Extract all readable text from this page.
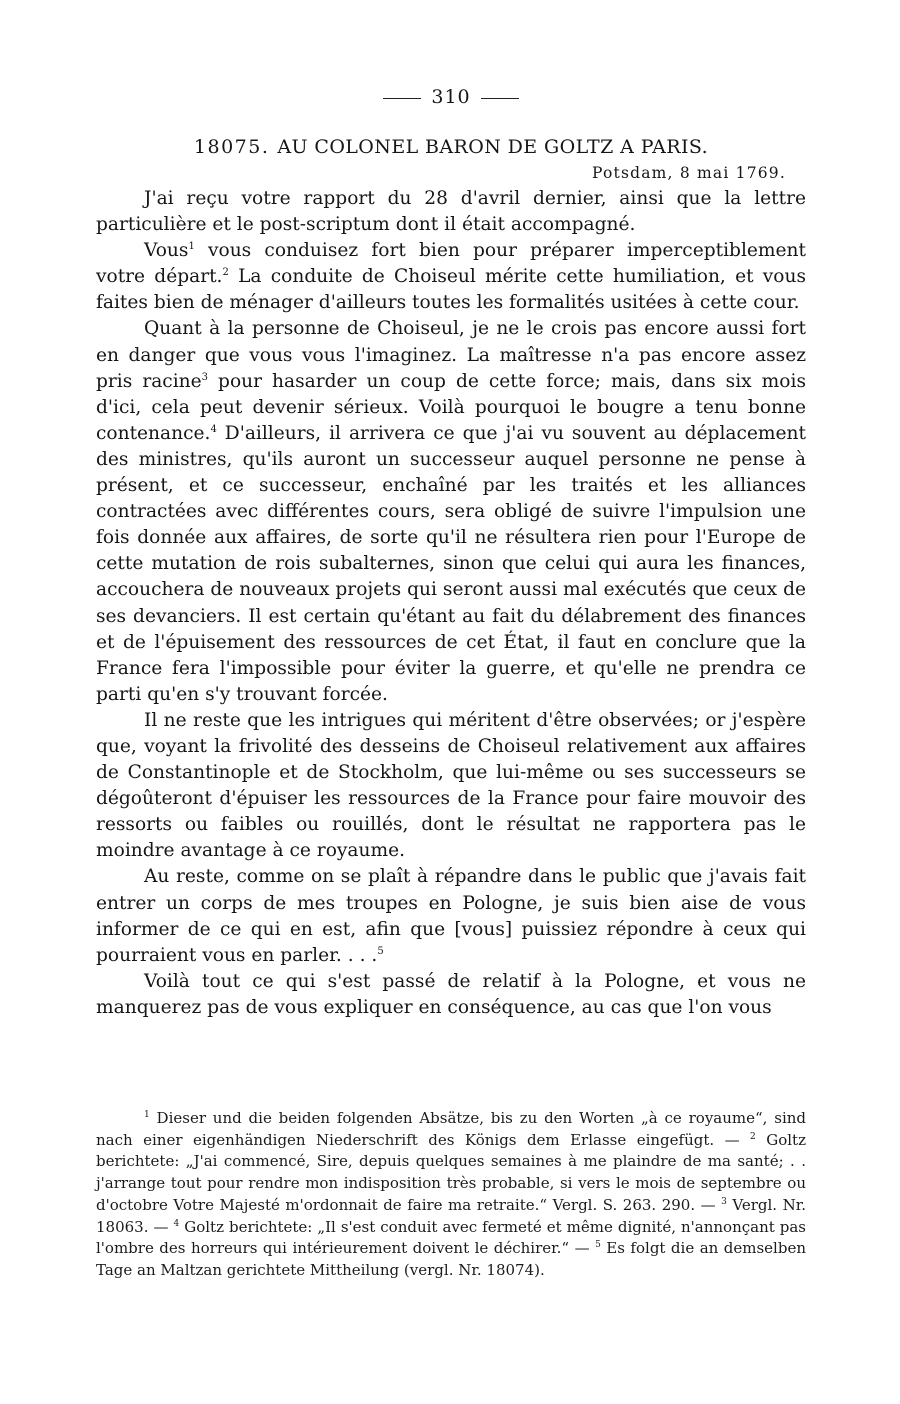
310
18075. AU COLONEL BARON DE GOLTZ A PARIS.
Potsdam, 8 mai 1769.

J'ai reçu votre rapport du 28 d'avril dernier, ainsi que la lettre particulière et le post-scriptum dont il était accompagné.

Vous$^1$ vous conduisez fort bien pour préparer imperceptiblement votre départ.$^2$ La conduite de Choiseul mérite cette humiliation, et vous faites bien de ménager d'ailleurs toutes les formalités usitées à cette cour.

Quant à la personne de Choiseul, je ne le crois pas encore aussi fort en danger que vous vous l'imaginez. La maîtresse n'a pas encore assez pris racine$^3$ pour hasarder un coup de cette force; mais, dans six mois d'ici, cela peut devenir sérieux. Voilà pourquoi le bougre a tenu bonne contenance.$^4$ D'ailleurs, il arrivera ce que j'ai vu souvent au déplacement des ministres, qu'ils auront un successeur auquel personne ne pense à présent, et ce successeur, enchaîné par les traités et les alliances contractées avec différentes cours, sera obligé de suivre l'impulsion une fois donnée aux affaires, de sorte qu'il ne résultera rien pour l'Europe de cette mutation de rois subalternes, sinon que celui qui aura les finances, accouchera de nouveaux projets qui seront aussi mal exécutés que ceux de ses devanciers. Il est certain qu'étant au fait du délabrement des finances et de l'épuisement des ressources de cet État, il faut en conclure que la France fera l'impossible pour éviter la guerre, et qu'elle ne prendra ce parti qu'en s'y trouvant forcée.

Il ne reste que les intrigues qui méritent d'être observées; or j'espère que, voyant la frivolité des desseins de Choiseul relativement aux affaires de Constantinople et de Stockholm, que lui-même ou ses successeurs se dégoûteront d'épuiser les ressources de la France pour faire mouvoir des ressorts ou faibles ou rouillés, dont le résultat ne rapportera pas le moindre avantage à ce royaume.

Au reste, comme on se plaît à répandre dans le public que j'avais fait entrer un corps de mes troupes en Pologne, je suis bien aise de vous informer de ce qui en est, afin que [vous] puissiez répondre à ceux qui pourraient vous en parler. . . .$^5$

Voilà tout ce qui s'est passé de relatif à la Pologne, et vous ne manquerez pas de vous expliquer en conséquence, au cas que l'on vous

$^1$ Dieser und die beiden folgenden Absätze, bis zu den Worten „à ce royaume“, sind nach einer eigenhändigen Niederschrift des Königs dem Erlasse eingefügt. — $^2$ Goltz berichtete: „J'ai commencé, Sire, depuis quelques semaines à me plaindre de ma santé; . . j'arrange tout pour rendre mon indisposition très probable, si vers le mois de septembre ou d'octobre Votre Majesté m'ordonnait de faire ma retraite.“ Vergl. S. 263. 290. — $^3$ Vergl. Nr. 18063. — $^4$ Goltz berichtete: „Il s'est conduit avec fermeté et même dignité, n'annonçant pas l'ombre des horreurs qui intérieurement doivent le déchirer.“ — $^5$ Es folgt die an demselben Tage an Maltzan gerichtete Mittheilung (vergl. Nr. 18074).
